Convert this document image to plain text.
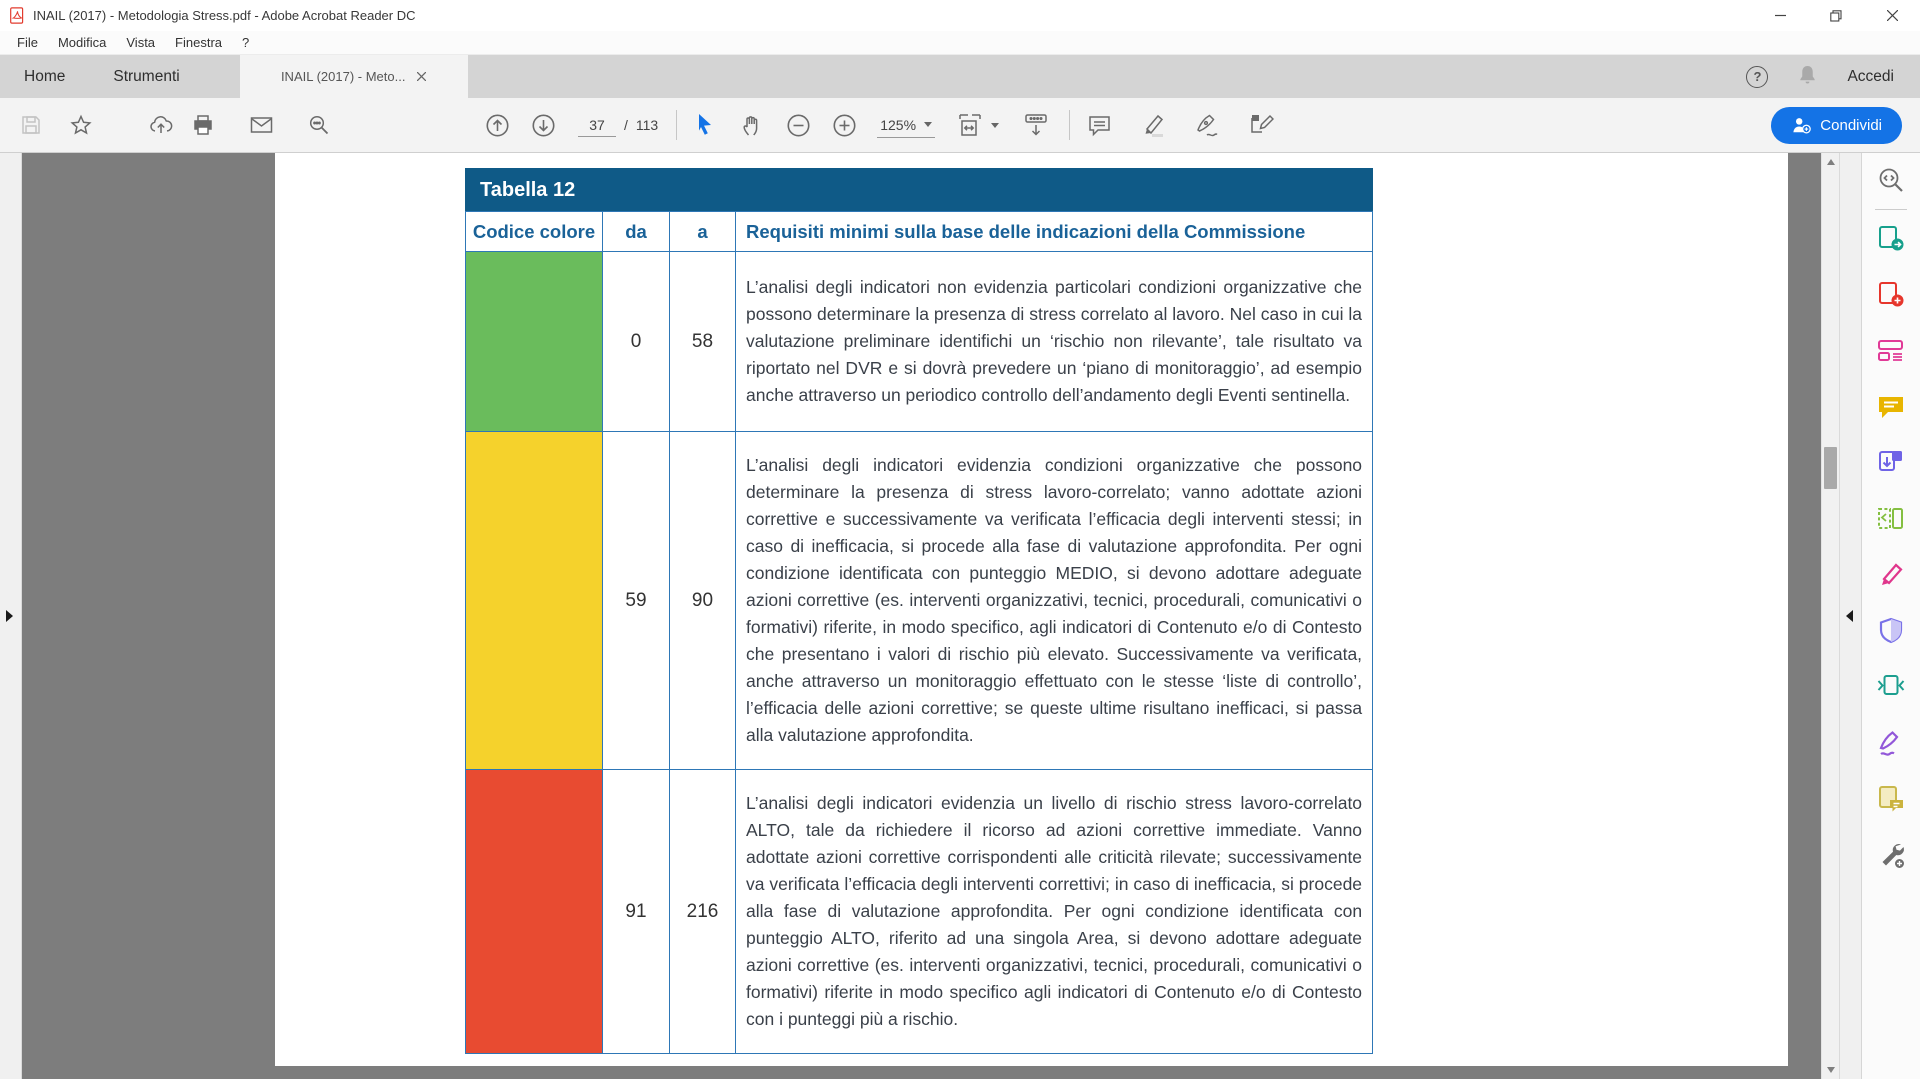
INAIL (2017) - Metodologia Stress.pdf - Adobe Acrobat Reader DC
File	Modifica	Vista	Finestra	?
Home	Strumenti	INAIL (2017) - Meto...	?	Accedi
37
/ 113	125%	Condividi
Tabella 12			
Codice colore	da	a	Requisiti minimi sulla base delle indicazioni della Commissione
	0	58	L’analisi degli indicatori non evidenzia particolari condizioni organizzative che possono determinare la presenza di stress correlato al lavoro. Nel caso in cui la valutazione preliminare identifichi un ‘rischio non rilevante’, tale risultato va riportato nel DVR e si dovrà prevedere un ‘piano di monitoraggio’, ad esempio anche attraverso un periodico controllo dell’andamento degli Eventi sentinella.
	59	90	L’analisi degli indicatori evidenzia condizioni organizzative che possono determinare la presenza di stress lavoro-correlato; vanno adottate azioni correttive e successivamente va verificata l’efficacia degli interventi stessi; in caso di inefficacia, si procede alla fase di valutazione approfondita. Per ogni condizione identificata con punteggio MEDIO, si devono adottare adeguate azioni correttive (es. interventi organizzativi, tecnici, procedurali, comunicativi o formativi) riferite, in modo specifico, agli indicatori di Contenuto e/o di Contesto che presentano i valori di rischio più elevato. Successivamente va verificata, anche attraverso un monitoraggio effettuato con le stesse ‘liste di controllo’, l’efficacia delle azioni correttive; se queste ultime risultano inefficaci, si passa alla valutazione approfondita.
	91	216	L’analisi degli indicatori evidenzia un livello di rischio stress lavoro-correlato ALTO, tale da richiedere il ricorso ad azioni correttive immediate. Vanno adottate azioni correttive corrispondenti alle criticità rilevate; successivamente va verificata l’efficacia degli interventi correttivi; in caso di inefficacia, si procede alla fase di valutazione approfondita. Per ogni condizione identificata con punteggio ALTO, riferito ad una singola Area, si devono adottare adeguate azioni correttive (es. interventi organizzativi, tecnici, procedurali, comunicativi o formativi) riferite in modo specifico agli indicatori di Contenuto e/o di Contesto con i punteggi più a rischio.
